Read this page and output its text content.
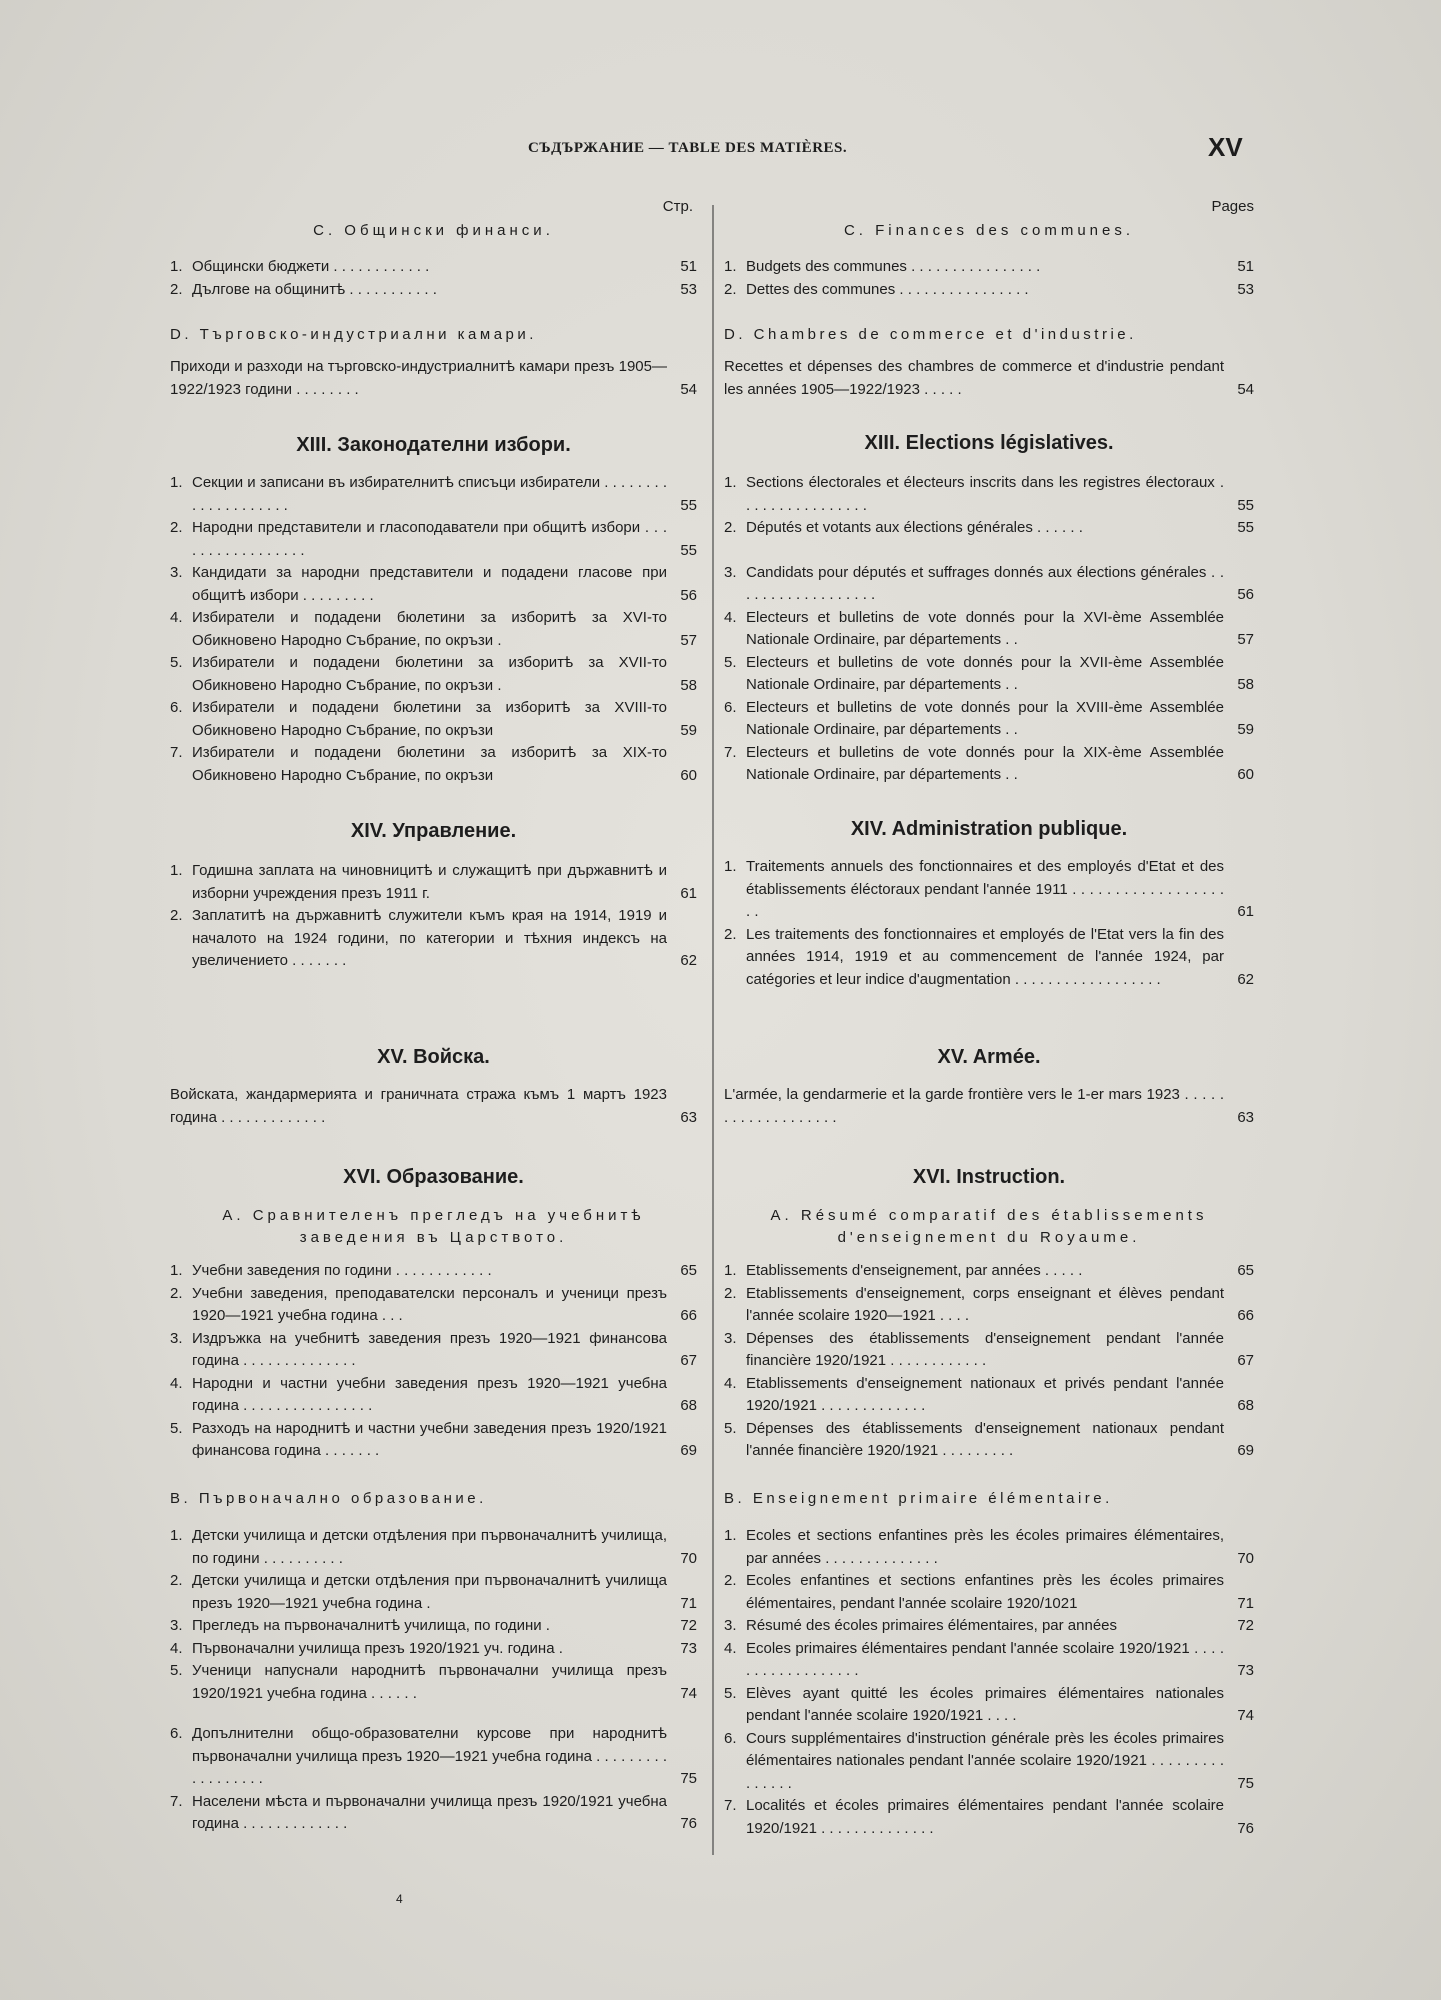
СЪДЪРЖАНИЕ — TABLE DES MATIÈRES.	XV
Стр.
C. Общински финанси.
1. Общински бюджети . . . . . . . . . . . .	51
2. Дългове на общинитѣ . . . . . . . . . . .	53
D. Търговско-индустриални камари.
Приходи и разходи на търговско-индустриалнитѣ камари презъ 1905—1922/1923 години . . . . . . . .	54
XIII. Законодателни избори.
1. Секции и записани въ избирателнитѣ списъци избиратели . . . . . . . . . . . . . . . . . . . .	55
2. Народни представители и гласоподаватели при общитѣ избори . . . . . . . . . . . . . . . . .	55
3. Кандидати за народни представители и подадени гласове при общитѣ избори . . . . . . . . .	56
4. Избиратели и подадени бюлетини за изборитѣ за XVI-то Обикновено Народно Събрание, по окръзи .	57
5. Избиратели и подадени бюлетини за изборитѣ за XVII-то Обикновено Народно Събрание, по окръзи .	58
6. Избиратели и подадени бюлетини за изборитѣ за XVIII-то Обикновено Народно Събрание, по окръзи	59
7. Избиратели и подадени бюлетини за изборитѣ за XIX-то Обикновено Народно Събрание, по окръзи	60
XIV. Управление.
1. Годишна заплата на чиновницитѣ и служащитѣ при държавнитѣ и изборни учреждения презъ 1911 г.	61
2. Заплатитѣ на държавнитѣ служители къмъ края на 1914, 1919 и началото на 1924 години, по категории и тѣхния индексъ на увеличението . . . . . . .	62
XV. Войска.
Войската, жандармерията и граничната стража къмъ 1 мартъ 1923 година . . . . . . . . . . . . .	63
XVI. Образование.
A. Сравнителенъ прегледъ на учебнитѣ заведения въ Царството.
1. Учебни заведения по години . . . . . . . . . . . .	65
2. Учебни заведения, преподавателски персоналъ и ученици презъ 1920—1921 учебна година . . .	66
3. Издръжка на учебнитѣ заведения презъ 1920—1921 финансова година . . . . . . . . . . . . . .	67
4. Народни и частни учебни заведения презъ 1920—1921 учебна година . . . . . . . . . . . . . . . .	68
5. Разходъ на народнитѣ и частни учебни заведения презъ 1920/1921 финансова година . . . . . . .	69
B. Първоначално образование.
1. Детски училища и детски отдѣления при първоначалнитѣ училища, по години . . . . . . . . . .	70
2. Детски училища и детски отдѣления при първоначалнитѣ училища презъ 1920—1921 учебна година .	71
3. Прегледъ на първоначалнитѣ училища, по години .	72
4. Първоначални училища презъ 1920/1921 уч. година .	73
5. Ученици напуснали народнитѣ първоначални училища презъ 1920/1921 учебна година . . . . . .	74
6. Допълнителни общо-образователни курсове при народнитѣ първоначални училища презъ 1920—1921 учебна година . . . . . . . . . . . . . . . . . .	75
7. Населени мѣста и първоначални училища презъ 1920/1921 учебна година . . . . . . . . . . . . .	76
Pages
C. Finances des communes.
1. Budgets des communes . . . . . . . . . . . . . . . .	51
2. Dettes des communes . . . . . . . . . . . . . . . .	53
D. Chambres de commerce et d'industrie.
Recettes et dépenses des chambres de commerce et d'industrie pendant les années 1905—1922/1923 . . . . .	54
XIII. Elections législatives.
1. Sections électorales et électeurs inscrits dans les registres électoraux . . . . . . . . . . . . . . . .	55
2. Députés et votants aux élections générales . . . . . .	55
3. Candidats pour députés et suffrages donnés aux élections générales . . . . . . . . . . . . . . . . . .	56
4. Electeurs et bulletins de vote donnés pour la XVI-ème Assemblée Nationale Ordinaire, par départements . .	57
5. Electeurs et bulletins de vote donnés pour la XVII-ème Assemblée Nationale Ordinaire, par départements . .	58
6. Electeurs et bulletins de vote donnés pour la XVIII-ème Assemblée Nationale Ordinaire, par départements . .	59
7. Electeurs et bulletins de vote donnés pour la XIX-ème Assemblée Nationale Ordinaire, par départements . .	60
XIV. Administration publique.
1. Traitements annuels des fonctionnaires et des employés d'Etat et des établissements éléctoraux pendant l'année 1911 . . . . . . . . . . . . . . . . . . . .	61
2. Les traitements des fonctionnaires et employés de l'Etat vers la fin des années 1914, 1919 et au commencement de l'année 1924, par catégories et leur indice d'augmentation . . . . . . . . . . . . . . . . . .	62
XV. Armée.
L'armée, la gendarmerie et la garde frontière vers le 1-er mars 1923 . . . . . . . . . . . . . . . . . . .	63
XVI. Instruction.
A. Résumé comparatif des établissements d'enseignement du Royaume.
1. Etablissements d'enseignement, par années . . . . .	65
2. Etablissements d'enseignement, corps enseignant et élèves pendant l'année scolaire 1920—1921 . . . .	66
3. Dépenses des établissements d'enseignement pendant l'année financière 1920/1921 . . . . . . . . . . . .	67
4. Etablissements d'enseignement nationaux et privés pendant l'année 1920/1921 . . . . . . . . . . . . .	68
5. Dépenses des établissements d'enseignement nationaux pendant l'année financière 1920/1921 . . . . . . . . .	69
B. Enseignement primaire élémentaire.
1. Ecoles et sections enfantines près les écoles primaires élémentaires, par années . . . . . . . . . . . . . .	70
2. Ecoles enfantines et sections enfantines près les écoles primaires élémentaires, pendant l'année scolaire 1920/1021	71
3. Résumé des écoles primaires élémentaires, par années	72
4. Ecoles primaires élémentaires pendant l'année scolaire 1920/1921 . . . . . . . . . . . . . . . . . .	73
5. Elèves ayant quitté les écoles primaires élémentaires nationales pendant l'année scolaire 1920/1921 . . . .	74
6. Cours supplémentaires d'instruction générale près les écoles primaires élémentaires nationales pendant l'année scolaire 1920/1921 . . . . . . . . . . . . . . .	75
7. Localités et écoles primaires élémentaires pendant l'année scolaire 1920/1921 . . . . . . . . . . . . . .	76
4
